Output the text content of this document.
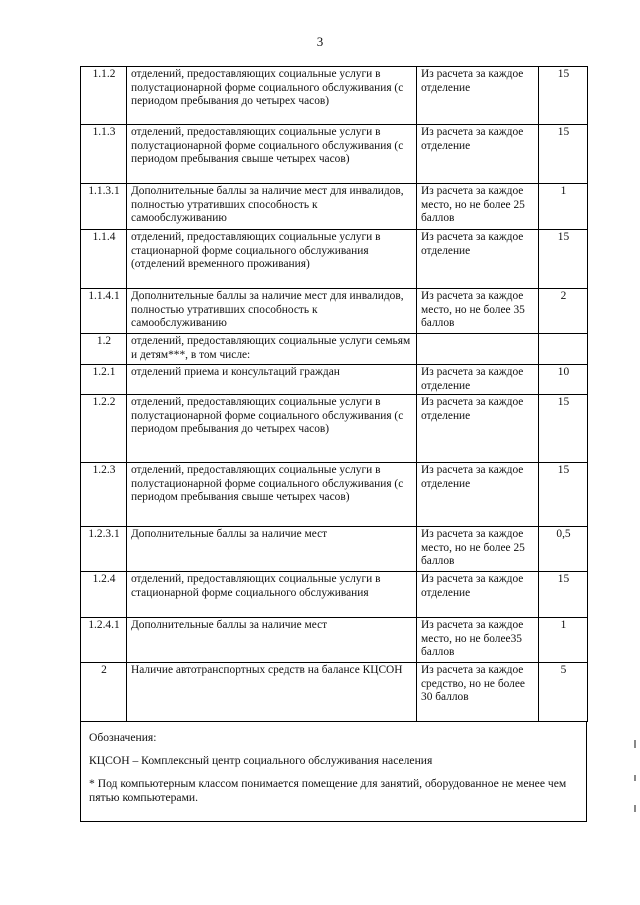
3
1.1.2	отделений, предоставляющих социальные услуги в полустационарной форме социального обслуживания (с периодом пребывания до четырех часов)	Из расчета за каждое отделение	15
1.1.3	отделений, предоставляющих социальные услуги в полустационарной форме социального обслуживания (с периодом пребывания свыше четырех часов)	Из расчета за каждое отделение	15
1.1.3.1	Дополнительные баллы за наличие мест для инвалидов, полностью утративших способность к самообслуживанию	Из расчета за каждое место, но не более 25 баллов	1
1.1.4	отделений, предоставляющих социальные услуги в стационарной форме социального обслуживания (отделений временного проживания)	Из расчета за каждое отделение	15
1.1.4.1	Дополнительные баллы за наличие мест для инвалидов, полностью утративших способность к самообслуживанию	Из расчета за каждое место, но не более 35 баллов	2
1.2	отделений, предоставляющих социальные услуги семьям и детям***, в том числе:		
1.2.1	отделений приема и консультаций граждан	Из расчета за каждое отделение	10
1.2.2	отделений, предоставляющих социальные услуги в полустационарной форме социального обслуживания (с периодом пребывания до четырех часов)	Из расчета за каждое отделение	15
1.2.3	отделений, предоставляющих социальные услуги в полустационарной форме социального обслуживания (с периодом пребывания свыше четырех часов)	Из расчета за каждое отделение	15
1.2.3.1	Дополнительные баллы за наличие мест	Из расчета за каждое место, но не более 25 баллов	0,5
1.2.4	отделений, предоставляющих социальные услуги в стационарной форме социального обслуживания	Из расчета за каждое отделение	15
1.2.4.1	Дополнительные баллы за наличие мест	Из расчета за каждое место, но не более35 баллов	1
2	Наличие автотранспортных средств на балансе КЦСОН	Из расчета за каждое средство, но не более 30 баллов	5

Обозначения:

КЦСОН – Комплексный центр социального обслуживания населения

* Под компьютерным классом понимается помещение для занятий, оборудованное не менее чем пятью компьютерами.
